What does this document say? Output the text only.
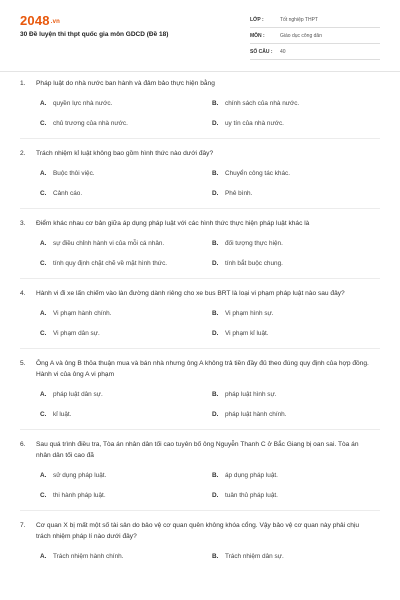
2048.vn
30 Đề luyện thi thpt quốc gia môn GDCD (Đề 18)
LỚP :	Tốt nghiệp THPT
MÔN :	Giáo dục công dân
SỐ CÂU :	40
1.	Pháp luật do nhà nước ban hành và đảm bảo thực hiện bằng
A.	quyền lực nhà nước.	B.	chính sách của nhà nước.
C.	chủ trương của nhà nước.	D.	uy tín của nhà nước.
2.	Trách nhiệm kỉ luật không bao gồm hình thức nào dưới đây?
A.	Buộc thôi việc.	B.	Chuyển công tác khác.
C.	Cảnh cáo.	D.	Phê bình.
3.	Điểm khác nhau cơ bản giữa áp dụng pháp luật với các hình thức thực hiện pháp luật khác là
A.	sự điều chỉnh hành vi của mỗi cá nhân.	B.	đối tượng thực hiện.
C.	tính quy định chặt chẽ về mặt hình thức.	D.	tính bắt buộc chung.
4.	Hành vi đi xe lấn chiếm vào làn đường dành riêng cho xe bus BRT là loại vi phạm pháp luật nào sau đây?
A.	Vi phạm hành chính.	B.	Vi phạm hình sự.
C.	Vi phạm dân sự.	D.	Vi phạm kỉ luật.
5.	Ông A và ông B thỏa thuận mua và bán nhà nhưng ông A không trả tiền đầy đủ theo đúng quy định của hợp đồng. Hành vi của ông A vi phạm
A.	pháp luật dân sự.	B.	pháp luật hình sự.
C.	kỉ luật.	D.	pháp luật hành chính.
6.	Sau quá trình điều tra, Tòa án nhân dân tối cao tuyên bố ông Nguyễn Thanh C ở Bắc Giang bị oan sai. Tòa án nhân dân tối cao đã
A.	sử dụng pháp luật.	B.	áp dụng pháp luật.
C.	thi hành pháp luật.	D.	tuân thủ pháp luật.
7.	Cơ quan X bị mất một số tài sản do bảo vệ cơ quan quên không khóa cổng. Vậy bảo vệ cơ quan này phải chịu trách nhiệm pháp lí nào dưới đây?
A.	Trách nhiệm hành chính.	B.	Trách nhiệm dân sự.
